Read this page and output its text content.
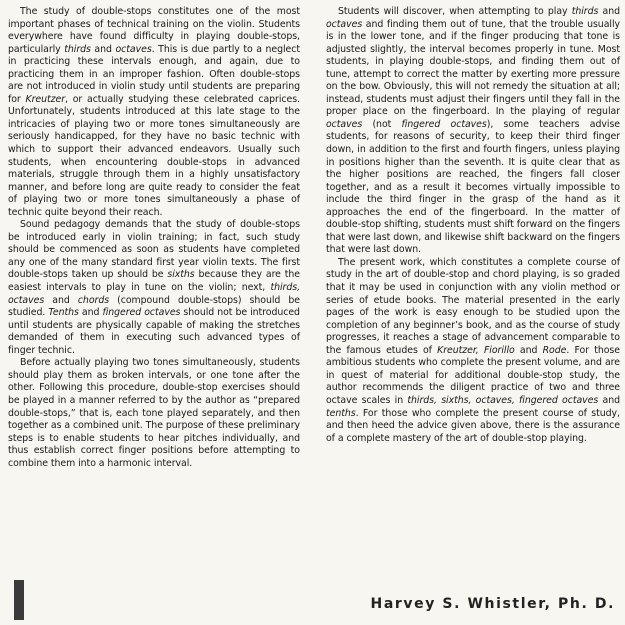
The study of double-stops constitutes one of the most important phases of technical training on the violin. Students everywhere have found difficulty in playing double-stops, particularly thirds and octaves. This is due partly to a neglect in practicing these intervals enough, and again, due to practicing them in an improper fashion. Often double-stops are not introduced in violin study until students are preparing for Kreutzer, or actually studying these celebrated caprices. Unfortunately, students introduced at this late stage to the intricacies of playing two or more tones simultaneously are seriously handicapped, for they have no basic technic with which to support their advanced endeavors. Usually such students, when encountering double-stops in advanced materials, struggle through them in a highly unsatisfactory manner, and before long are quite ready to consider the feat of playing two or more tones simultaneously a phase of technic quite beyond their reach.

Sound pedagogy demands that the study of double-stops be introduced early in violin training; in fact, such study should be commenced as soon as students have completed any one of the many standard first year violin texts. The first double-stops taken up should be sixths because they are the easiest intervals to play in tune on the violin; next, thirds, octaves and chords (compound double-stops) should be studied. Tenths and fingered octaves should not be introduced until students are physically capable of making the stretches demanded of them in executing such advanced types of finger technic.

Before actually playing two tones simultaneously, students should play them as broken intervals, or one tone after the other. Following this procedure, double-stop exercises should be played in a manner referred to by the author as “prepared double-stops,” that is, each tone played separately, and then together as a combined unit. The purpose of these preliminary steps is to enable students to hear pitches individually, and thus establish correct finger positions before attempting to combine them into a harmonic interval.

Students will discover, when attempting to play thirds and octaves and finding them out of tune, that the trouble usually is in the lower tone, and if the finger producing that tone is adjusted slightly, the interval becomes properly in tune. Most students, in playing double-stops, and finding them out of tune, attempt to correct the matter by exerting more pressure on the bow. Obviously, this will not remedy the situation at all; instead, students must adjust their fingers until they fall in the proper place on the fingerboard. In the playing of regular octaves (not fingered octaves), some teachers advise students, for reasons of security, to keep their third finger down, in addition to the first and fourth fingers, unless playing in positions higher than the seventh. It is quite clear that as the higher positions are reached, the fingers fall closer together, and as a result it becomes virtually impossible to include the third finger in the grasp of the hand as it approaches the end of the fingerboard. In the matter of double-stop shifting, students must shift forward on the fingers that were last down, and likewise shift backward on the fingers that were last down.

The present work, which constitutes a complete course of study in the art of double-stop and chord playing, is so graded that it may be used in conjunction with any violin method or series of etude books. The material presented in the early pages of the work is easy enough to be studied upon the completion of any beginner’s book, and as the course of study progresses, it reaches a stage of advancement comparable to the famous etudes of Kreutzer, Fiorillo and Rode. For those ambitious students who complete the present volume, and are in quest of material for additional double-stop study, the author recommends the diligent practice of two and three octave scales in thirds, sixths, octaves, fingered octaves and tenths. For those who complete the present course of study, and then heed the advice given above, there is the assurance of a complete mastery of the art of double-stop playing.

Harvey S. Whistler, Ph. D.
